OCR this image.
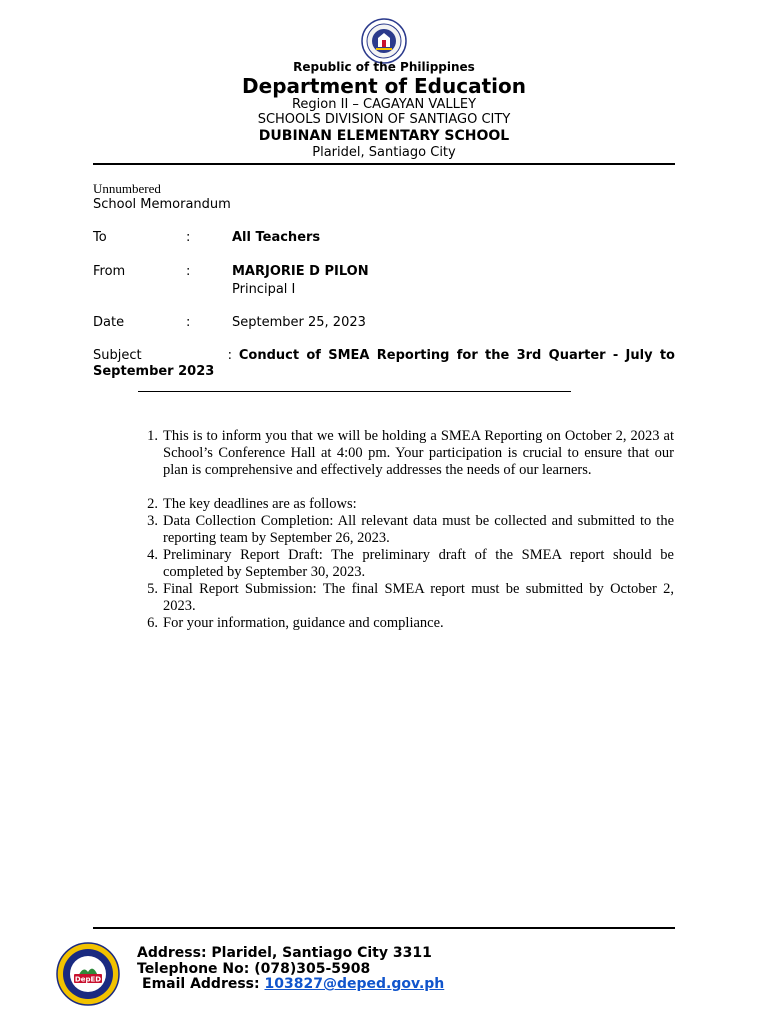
Republic of the Philippines
Department of Education
Region II – CAGAYAN VALLEY
SCHOOLS DIVISION OF SANTIAGO CITY
DUBINAN ELEMENTARY SCHOOL
Plaridel, Santiago City
Unnumbered
School Memorandum
To	:	All Teachers
From	:	MARJORIE D PILON
Principal I
Date	:	September 25, 2023
Subject	: Conduct of SMEA Reporting for the 3rd Quarter - July to September 2023
1. This is to inform you that we will be holding a SMEA Reporting on October 2, 2023 at School’s Conference Hall at 4:00 pm. Your participation is crucial to ensure that our plan is comprehensive and effectively addresses the needs of our learners.
2. The key deadlines are as follows:
3. Data Collection Completion: All relevant data must be collected and submitted to the reporting team by September 26, 2023.
4. Preliminary Report Draft: The preliminary draft of the SMEA report should be completed by September 30, 2023.
5. Final Report Submission: The final SMEA report must be submitted by October 2, 2023.
6. For your information, guidance and compliance.
DepED
Address: Plaridel, Santiago City 3311
Telephone No: (078)305-5908
Email Address: 103827@deped.gov.ph
